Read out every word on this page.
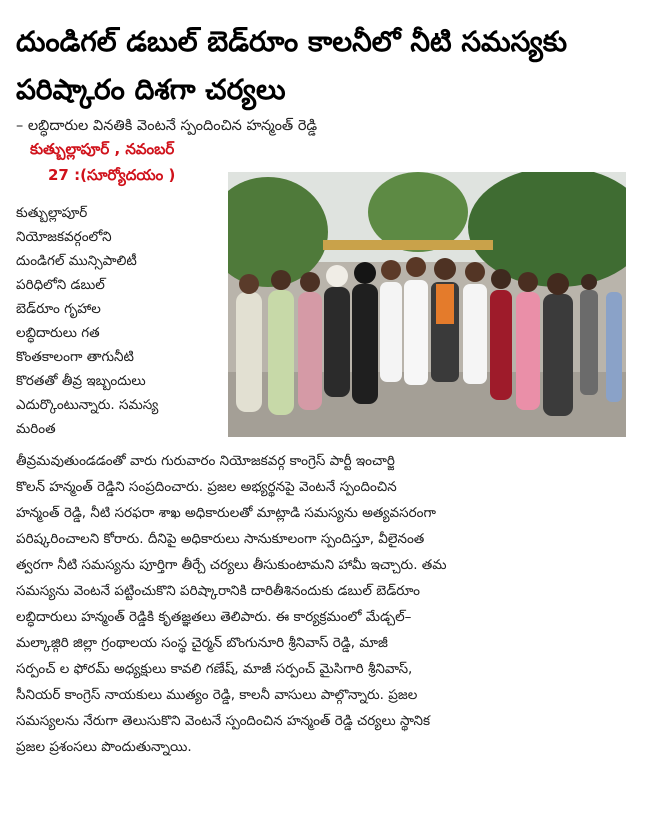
దుండిగల్ డబుల్ బెడ్‌రూం కాలనీలో నీటి సమస్యకు
పరిష్కారం దిశగా చర్యలు
– లబ్ధిదారుల వినతికి వెంటనే స్పందించిన హన్మంత్ రెడ్డి
కుత్బుల్లాపూర్ , నవంబర్
27 :(సూర్యోదయం )
కుత్బుల్లాపూర్
నియోజకవర్గంలోని
దుండిగల్ మున్సిపాలిటీ
పరిధిలోని డబుల్
బెడ్‌రూం గృహాల
లబ్ధిదారులు గత
కొంతకాలంగా తాగునీటి
కొరతతో తీవ్ర ఇబ్బందులు
ఎదుర్కొంటున్నారు. సమస్య
మరింత
తీవ్రమవుతుండడంతో వారు గురువారం నియోజకవర్గ కాంగ్రెస్ పార్టీ ఇంచార్జి
కొలన్ హన్మంత్ రెడ్డిని సంప్రదించారు. ప్రజల అభ్యర్థనపై వెంటనే స్పందించిన
హన్మంత్ రెడ్డి, నీటి సరఫరా శాఖ అధికారులతో మాట్లాడి సమస్యను అత్యవసరంగా
పరిష్కరించాలని కోరారు. దీనిపై అధికారులు సానుకూలంగా స్పందిస్తూ, వీలైనంత
త్వరగా నీటి సమస్యను పూర్తిగా తీర్చే చర్యలు తీసుకుంటామని హామీ ఇచ్చారు. తమ
సమస్యను వెంటనే పట్టించుకొని పరిష్కారానికి దారితీశినందుకు డబుల్ బెడ్‌రూం
లబ్ధిదారులు హన్మంత్ రెడ్డికి కృతజ్ఞతలు తెలిపారు. ఈ కార్యక్రమంలో మేడ్చల్–
మల్కాజ్గిరి జిల్లా గ్రంథాలయ సంస్థ చైర్మన్ బొంగునూరి శ్రీనివాస్ రెడ్డి, మాజీ
సర్పంచ్ ల ఫోరమ్ అధ్యక్షులు కావలి గణేష్, మాజీ సర్పంచ్ మైసిగారి శ్రీనివాస్,
సీనియర్ కాంగ్రెస్ నాయకులు ముత్యం రెడ్డి, కాలనీ వాసులు పాల్గొన్నారు. ప్రజల
సమస్యలను నేరుగా తెలుసుకొని వెంటనే స్పందించిన హన్మంత్ రెడ్డి చర్యలు స్థానిక
ప్రజల ప్రశంసలు పొందుతున్నాయి.
